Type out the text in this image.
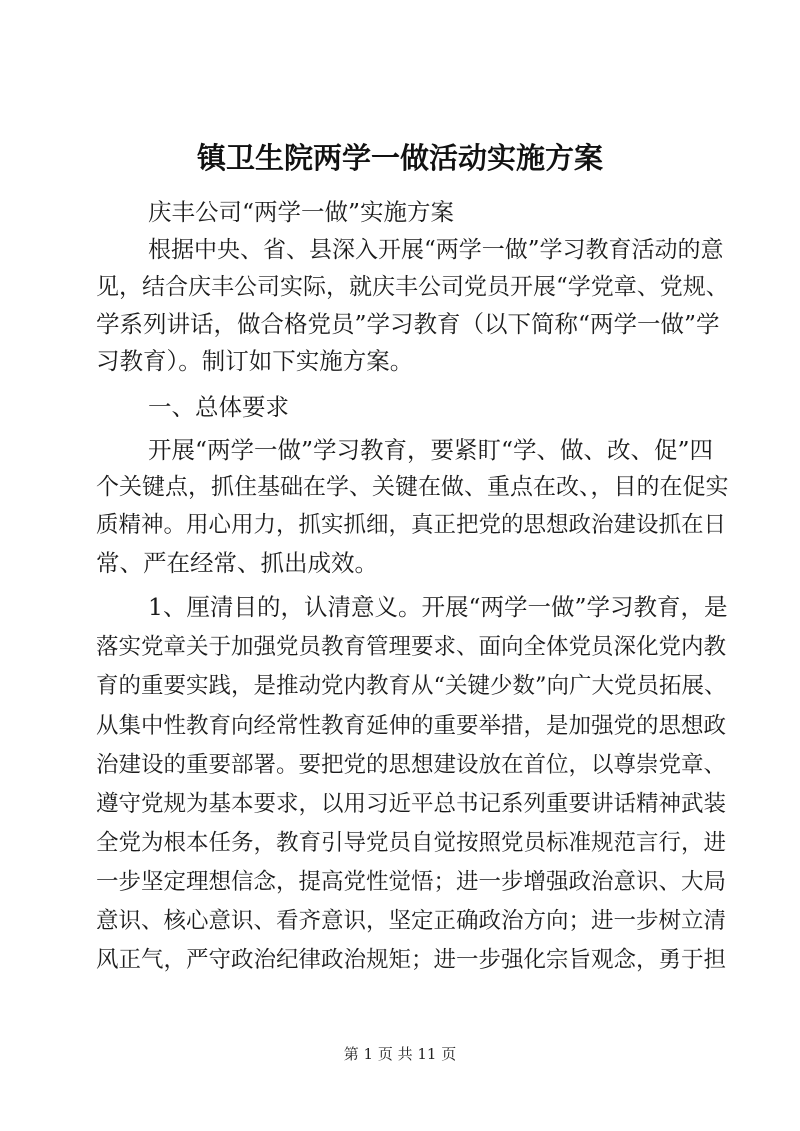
镇卫生院两学一做活动实施方案
庆丰公司“两学一做”实施方案
根据中央、省、县深入开展“两学一做”学习教育活动的意
见，结合庆丰公司实际，就庆丰公司党员开展“学党章、党规、
学系列讲话，做合格党员”学习教育（以下简称“两学一做”学
习教育）。制订如下实施方案。
一、总体要求
开展“两学一做”学习教育，要紧盯“学、做、改、促”四
个关键点，抓住基础在学、关键在做、重点在改、，目的在促实
质精神。用心用力，抓实抓细，真正把党的思想政治建设抓在日
常、严在经常、抓出成效。
1、厘清目的，认清意义。开展“两学一做”学习教育，是
落实党章关于加强党员教育管理要求、面向全体党员深化党内教
育的重要实践，是推动党内教育从“关键少数”向广大党员拓展、
从集中性教育向经常性教育延伸的重要举措，是加强党的思想政
治建设的重要部署。要把党的思想建设放在首位，以尊崇党章、
遵守党规为基本要求，以用习近平总书记系列重要讲话精神武装
全党为根本任务，教育引导党员自觉按照党员标准规范言行，进
一步坚定理想信念，提高党性觉悟；进一步增强政治意识、大局
意识、核心意识、看齐意识，坚定正确政治方向；进一步树立清
风正气，严守政治纪律政治规矩；进一步强化宗旨观念，勇于担
第 1 页 共 11 页
